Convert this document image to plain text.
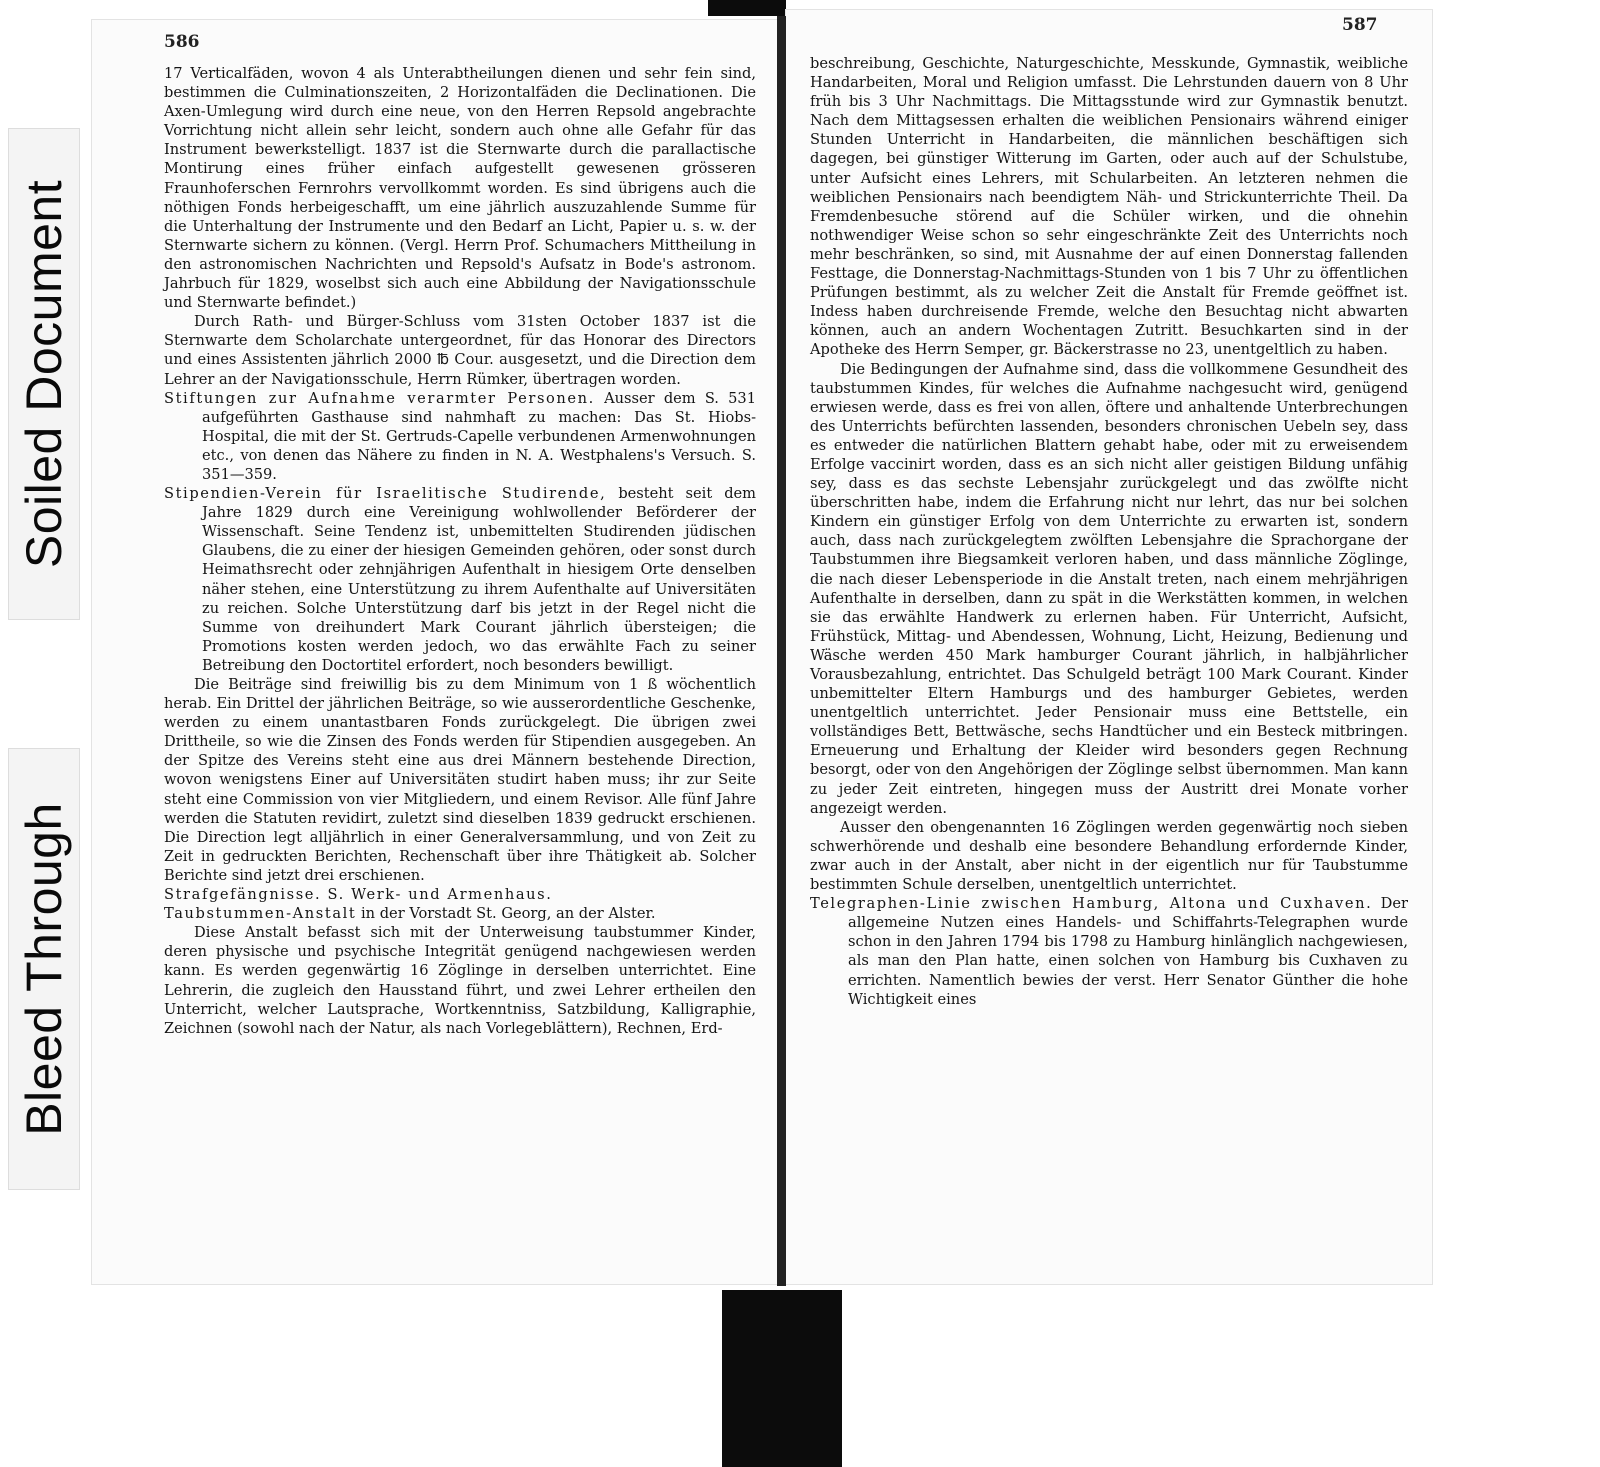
Soiled Document
Bleed Through
586

17 Verticalfäden, wovon 4 als Unterabtheilungen dienen und sehr fein sind, bestimmen die Culminationszeiten, 2 Horizontalfäden die Declinationen. Die Axen-Umlegung wird durch eine neue, von den Herren Repsold angebrachte Vorrichtung nicht allein sehr leicht, sondern auch ohne alle Gefahr für das Instrument bewerkstelligt. 1837 ist die Sternwarte durch die parallactische Montirung eines früher einfach aufgestellt gewesenen grösseren Fraunhoferschen Fernrohrs vervollkommt worden. Es sind übrigens auch die nöthigen Fonds herbeigeschafft, um eine jährlich auszuzahlende Summe für die Unterhaltung der Instrumente und den Bedarf an Licht, Papier u. s. w. der Sternwarte sichern zu können. (Vergl. Herrn Prof. Schumachers Mittheilung in den astronomischen Nachrichten und Repsold's Aufsatz in Bode's astronom. Jahrbuch für 1829, woselbst sich auch eine Abbildung der Navigationsschule und Sternwarte befindet.)

Durch Rath- und Bürger-Schluss vom 31sten October 1837 ist die Sternwarte dem Scholarchate untergeordnet, für das Honorar des Directors und eines Assistenten jährlich 2000 ℔ Cour. ausgesetzt, und die Direction dem Lehrer an der Navigationsschule, Herrn Rümker, übertragen worden.

Stiftungen zur Aufnahme verarmter Personen. Ausser dem S. 531 aufgeführten Gasthause sind nahmhaft zu machen: Das St. Hiobs-Hospital, die mit der St. Gertruds-Capelle verbundenen Armenwohnungen etc., von denen das Nähere zu finden in N. A. Westphalens's Versuch. S. 351—359.

Stipendien-Verein für Israelitische Studirende, besteht seit dem Jahre 1829 durch eine Vereinigung wohlwollender Beförderer der Wissenschaft. Seine Tendenz ist, unbemittelten Studirenden jüdischen Glaubens, die zu einer der hiesigen Gemeinden gehören, oder sonst durch Heimathsrecht oder zehnjährigen Aufenthalt in hiesigem Orte denselben näher stehen, eine Unterstützung zu ihrem Aufenthalte auf Universitäten zu reichen. Solche Unterstützung darf bis jetzt in der Regel nicht die Summe von dreihundert Mark Courant jährlich übersteigen; die Promotions kosten werden jedoch, wo das erwählte Fach zu seiner Betreibung den Doctortitel erfordert, noch besonders bewilligt.

Die Beiträge sind freiwillig bis zu dem Minimum von 1 ß wöchentlich herab. Ein Drittel der jährlichen Beiträge, so wie ausserordentliche Geschenke, werden zu einem unantastbaren Fonds zurückgelegt. Die übrigen zwei Drittheile, so wie die Zinsen des Fonds werden für Stipendien ausgegeben. An der Spitze des Vereins steht eine aus drei Männern bestehende Direction, wovon wenigstens Einer auf Universitäten studirt haben muss; ihr zur Seite steht eine Commission von vier Mitgliedern, und einem Revisor. Alle fünf Jahre werden die Statuten revidirt, zuletzt sind dieselben 1839 gedruckt erschienen. Die Direction legt alljährlich in einer Generalversammlung, und von Zeit zu Zeit in gedruckten Berichten, Rechenschaft über ihre Thätigkeit ab. Solcher Berichte sind jetzt drei erschienen.

Strafgefängnisse. S. Werk- und Armenhaus.

Taubstummen-Anstalt in der Vorstadt St. Georg, an der Alster.

Diese Anstalt befasst sich mit der Unterweisung taubstummer Kinder, deren physische und psychische Integrität genügend nachgewiesen werden kann. Es werden gegenwärtig 16 Zöglinge in derselben unterrichtet. Eine Lehrerin, die zugleich den Hausstand führt, und zwei Lehrer ertheilen den Unterricht, welcher Lautsprache, Wortkenntniss, Satzbildung, Kalligraphie, Zeichnen (sowohl nach der Natur, als nach Vorlegeblättern), Rechnen, Erd-

587

beschreibung, Geschichte, Naturgeschichte, Messkunde, Gymnastik, weibliche Handarbeiten, Moral und Religion umfasst. Die Lehrstunden dauern von 8 Uhr früh bis 3 Uhr Nachmittags. Die Mittagsstunde wird zur Gymnastik benutzt. Nach dem Mittagsessen erhalten die weiblichen Pensionairs während einiger Stunden Unterricht in Handarbeiten, die männlichen beschäftigen sich dagegen, bei günstiger Witterung im Garten, oder auch auf der Schulstube, unter Aufsicht eines Lehrers, mit Schularbeiten. An letzteren nehmen die weiblichen Pensionairs nach beendigtem Näh- und Strickunterrichte Theil. Da Fremdenbesuche störend auf die Schüler wirken, und die ohnehin nothwendiger Weise schon so sehr eingeschränkte Zeit des Unterrichts noch mehr beschränken, so sind, mit Ausnahme der auf einen Donnerstag fallenden Festtage, die Donnerstag-Nachmittags-Stunden von 1 bis 7 Uhr zu öffentlichen Prüfungen bestimmt, als zu welcher Zeit die Anstalt für Fremde geöffnet ist. Indess haben durchreisende Fremde, welche den Besuchtag nicht abwarten können, auch an andern Wochentagen Zutritt. Besuchkarten sind in der Apotheke des Herrn Semper, gr. Bäckerstrasse no 23, unentgeltlich zu haben.

Die Bedingungen der Aufnahme sind, dass die vollkommene Gesundheit des taubstummen Kindes, für welches die Aufnahme nachgesucht wird, genügend erwiesen werde, dass es frei von allen, öftere und anhaltende Unterbrechungen des Unterrichts befürchten lassenden, besonders chronischen Uebeln sey, dass es entweder die natürlichen Blattern gehabt habe, oder mit zu erweisendem Erfolge vaccinirt worden, dass es an sich nicht aller geistigen Bildung unfähig sey, dass es das sechste Lebensjahr zurückgelegt und das zwölfte nicht überschritten habe, indem die Erfahrung nicht nur lehrt, das nur bei solchen Kindern ein günstiger Erfolg von dem Unterrichte zu erwarten ist, sondern auch, dass nach zurückgelegtem zwölften Lebensjahre die Sprachorgane der Taubstummen ihre Biegsamkeit verloren haben, und dass männliche Zöglinge, die nach dieser Lebensperiode in die Anstalt treten, nach einem mehrjährigen Aufenthalte in derselben, dann zu spät in die Werkstätten kommen, in welchen sie das erwählte Handwerk zu erlernen haben. Für Unterricht, Aufsicht, Frühstück, Mittag- und Abendessen, Wohnung, Licht, Heizung, Bedienung und Wäsche werden 450 Mark hamburger Courant jährlich, in halbjährlicher Vorausbezahlung, entrichtet. Das Schulgeld beträgt 100 Mark Courant. Kinder unbemittelter Eltern Hamburgs und des hamburger Gebietes, werden unentgeltlich unterrichtet. Jeder Pensionair muss eine Bettstelle, ein vollständiges Bett, Bettwäsche, sechs Handtücher und ein Besteck mitbringen. Erneuerung und Erhaltung der Kleider wird besonders gegen Rechnung besorgt, oder von den Angehörigen der Zöglinge selbst übernommen. Man kann zu jeder Zeit eintreten, hingegen muss der Austritt drei Monate vorher angezeigt werden.

Ausser den obengenannten 16 Zöglingen werden gegenwärtig noch sieben schwerhörende und deshalb eine besondere Behandlung erfordernde Kinder, zwar auch in der Anstalt, aber nicht in der eigentlich nur für Taubstumme bestimmten Schule derselben, unentgeltlich unterrichtet.

Telegraphen-Linie zwischen Hamburg, Altona und Cuxhaven. Der allgemeine Nutzen eines Handels- und Schiffahrts-Telegraphen wurde schon in den Jahren 1794 bis 1798 zu Hamburg hinlänglich nachgewiesen, als man den Plan hatte, einen solchen von Hamburg bis Cuxhaven zu errichten. Namentlich bewies der verst. Herr Senator Günther die hohe Wichtigkeit eines
